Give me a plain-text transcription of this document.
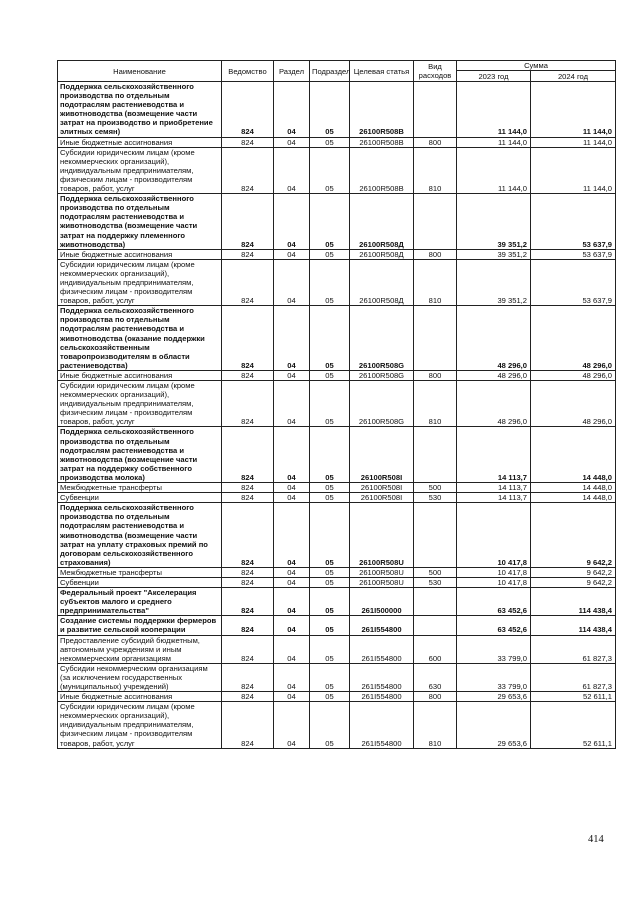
Наименование	Ведомство	Раздел	Подраздел	Целевая статья	Вид расходов	Сумма	
						2023 год	2024 год
Поддержка сельскохозяйственного производства по отдельным подотраслям растениеводства и животноводства (возмещение части затрат на производство и приобретение элитных семян)	824	04	05	26100R508B		11 144,0	11 144,0
Иные бюджетные ассигнования	824	04	05	26100R508B	800	11 144,0	11 144,0
Субсидии юридическим лицам (кроме некоммерческих организаций), индивидуальным предпринимателям, физическим лицам - производителям товаров, работ, услуг	824	04	05	26100R508B	810	11 144,0	11 144,0
Поддержка сельскохозяйственного производства по отдельным подотраслям растениеводства и животноводства (возмещение части затрат на поддержку племенного животноводства)	824	04	05	26100R508Д		39 351,2	53 637,9
Иные бюджетные ассигнования	824	04	05	26100R508Д	800	39 351,2	53 637,9
Субсидии юридическим лицам (кроме некоммерческих организаций), индивидуальным предпринимателям, физическим лицам - производителям товаров, работ, услуг	824	04	05	26100R508Д	810	39 351,2	53 637,9
Поддержка сельскохозяйственного производства по отдельным подотраслям растениеводства и животноводства (оказание поддержки сельскохозяйственным товаропроизводителям в области растениеводства)	824	04	05	26100R508G		48 296,0	48 296,0
Иные бюджетные ассигнования	824	04	05	26100R508G	800	48 296,0	48 296,0
Субсидии юридическим лицам (кроме некоммерческих организаций), индивидуальным предпринимателям, физическим лицам - производителям товаров, работ, услуг	824	04	05	26100R508G	810	48 296,0	48 296,0
Поддержка сельскохозяйственного производства по отдельным подотраслям растениеводства и животноводства (возмещение части затрат на поддержку собственного производства молока)	824	04	05	26100R508I		14 113,7	14 448,0
Межбюджетные трансферты	824	04	05	26100R508I	500	14 113,7	14 448,0
Субвенции	824	04	05	26100R508I	530	14 113,7	14 448,0
Поддержка сельскохозяйственного производства по отдельным подотраслям растениеводства и животноводства (возмещение части затрат на уплату страховых премий по договорам сельскохозяйственного страхования)	824	04	05	26100R508U		10 417,8	9 642,2
Межбюджетные трансферты	824	04	05	26100R508U	500	10 417,8	9 642,2
Субвенции	824	04	05	26100R508U	530	10 417,8	9 642,2
Федеральный проект "Акселерация субъектов малого и среднего предпринимательства"	824	04	05	261I500000		63 452,6	114 438,4
Создание системы поддержки фермеров и развитие сельской кооперации	824	04	05	261I554800		63 452,6	114 438,4
Предоставление субсидий бюджетным, автономным учреждениям и иным некоммерческим организациям	824	04	05	261I554800	600	33 799,0	61 827,3
Субсидии некоммерческим организациям (за исключением государственных (муниципальных) учреждений)	824	04	05	261I554800	630	33 799,0	61 827,3
Иные бюджетные ассигнования	824	04	05	261I554800	800	29 653,6	52 611,1
Субсидии юридическим лицам (кроме некоммерческих организаций), индивидуальным предпринимателям, физическим лицам - производителям товаров, работ, услуг	824	04	05	261I554800	810	29 653,6	52 611,1
414
